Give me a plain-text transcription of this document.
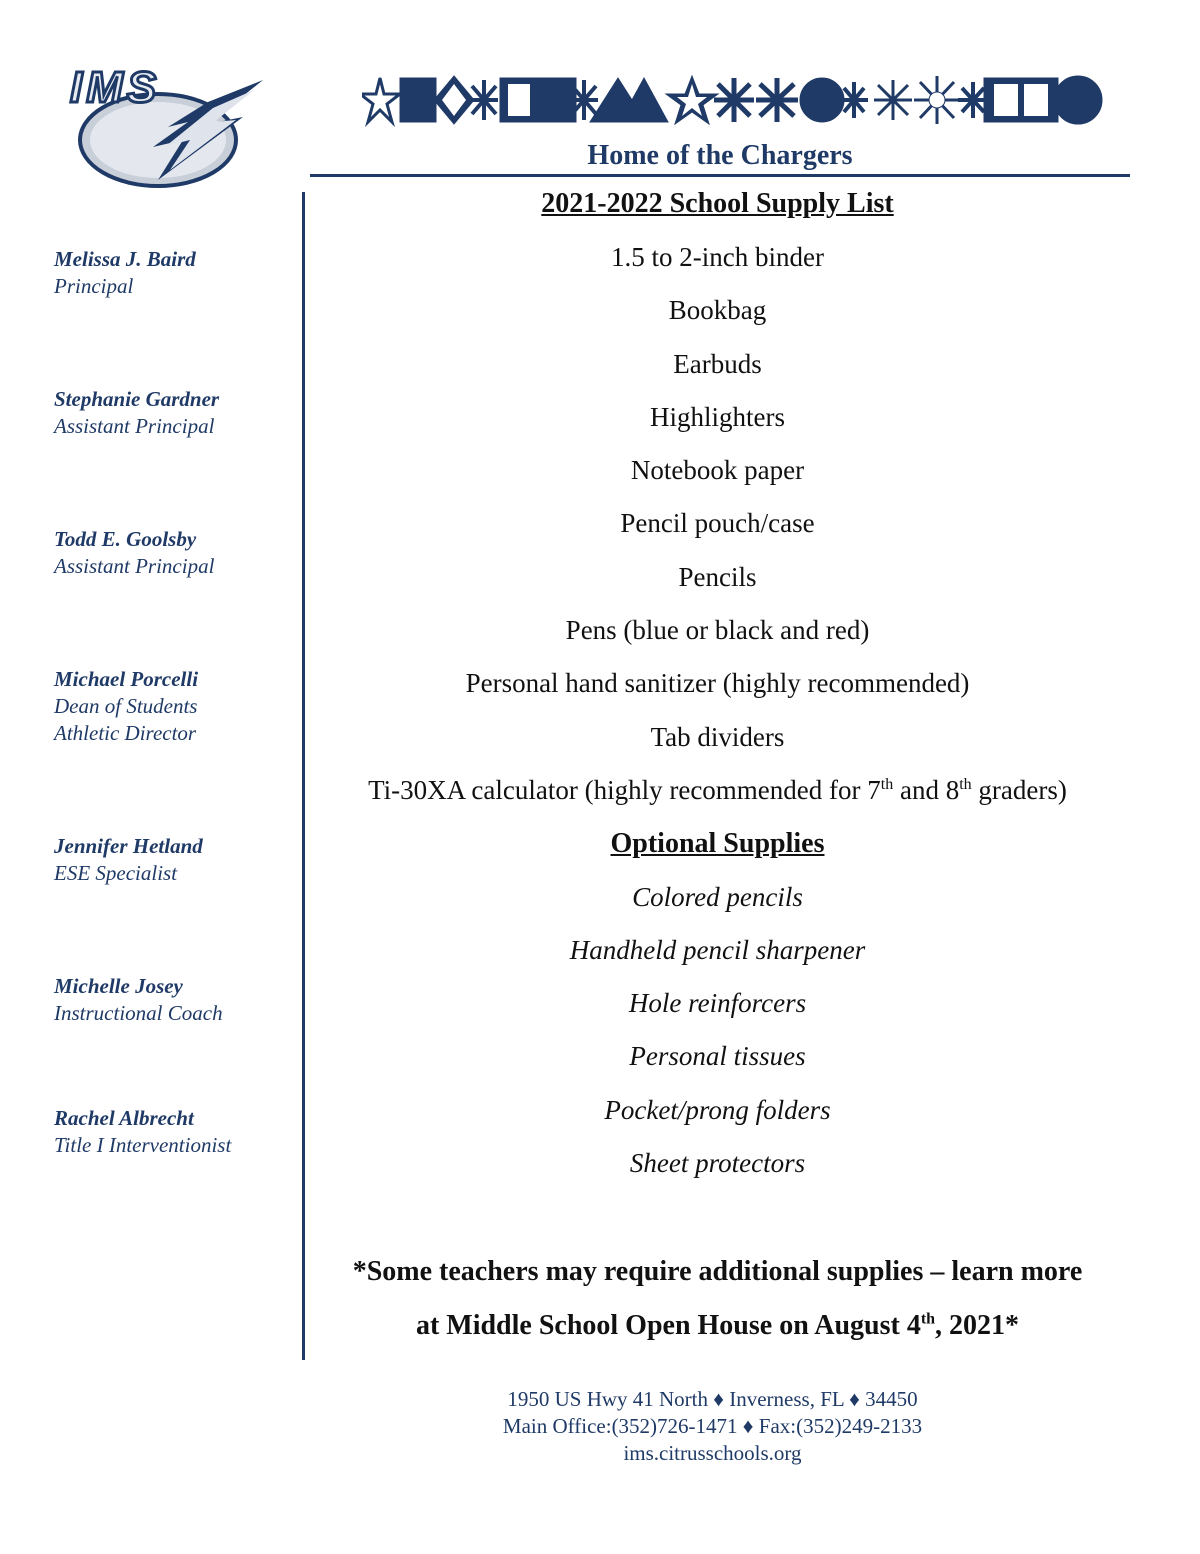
IMS
Home of the Chargers
Melissa J. Baird
Principal
Stephanie Gardner
Assistant Principal
Todd E. Goolsby
Assistant Principal
Michael Porcelli
Dean of Students
Athletic Director
Jennifer Hetland
ESE Specialist
Michelle Josey
Instructional Coach
Rachel Albrecht
Title I Interventionist
2021-2022 School Supply List
1.5 to 2-inch binder
Bookbag
Earbuds
Highlighters
Notebook paper
Pencil pouch/case
Pencils
Pens (blue or black and red)
Personal hand sanitizer (highly recommended)
Tab dividers
Ti-30XA calculator (highly recommended for 7th and 8th graders)
Optional Supplies
Colored pencils
Handheld pencil sharpener
Hole reinforcers
Personal tissues
Pocket/prong folders
Sheet protectors
*Some teachers may require additional supplies – learn more
at Middle School Open House on August 4th, 2021*
1950 US Hwy 41 North ♦ Inverness, FL ♦ 34450
Main Office:(352)726-1471 ♦ Fax:(352)249-2133
ims.citrusschools.org
